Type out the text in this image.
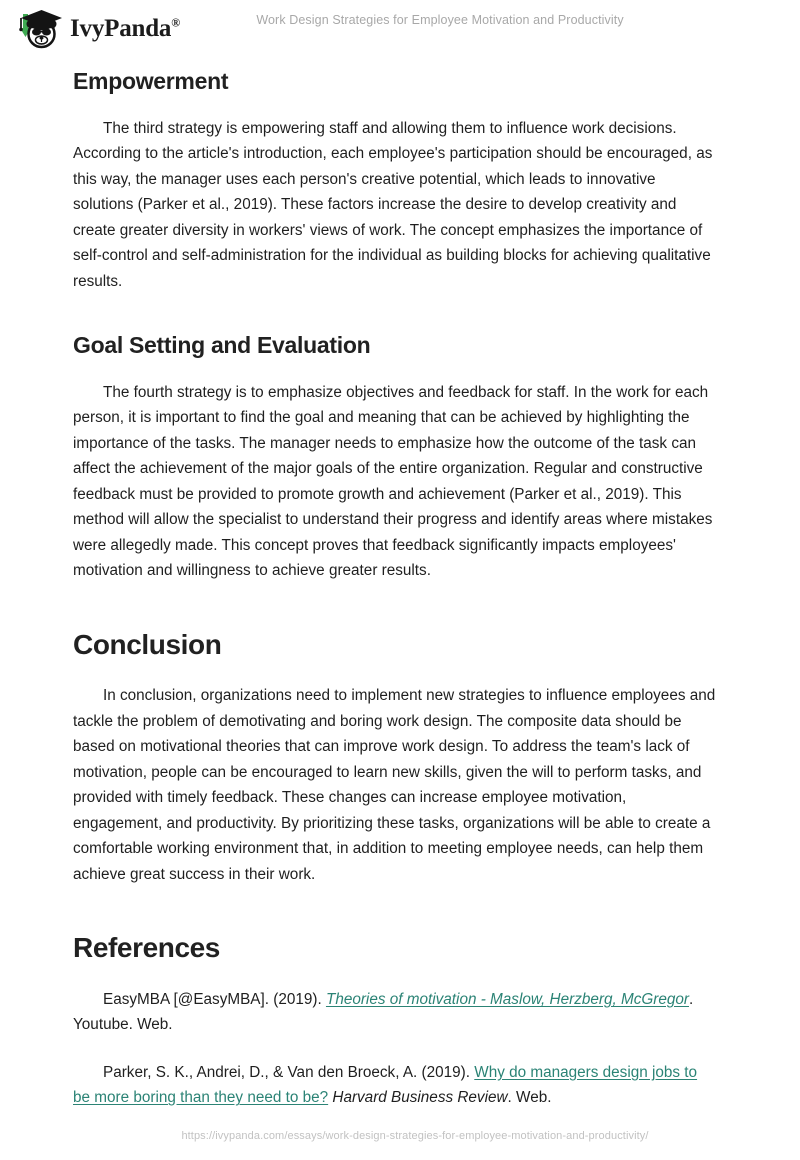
IvyPanda®	Work Design Strategies for Employee Motivation and Productivity
Empowerment

The third strategy is empowering staff and allowing them to influence work decisions. According to the article's introduction, each employee's participation should be encouraged, as this way, the manager uses each person's creative potential, which leads to innovative solutions (Parker et al., 2019). These factors increase the desire to develop creativity and create greater diversity in workers' views of work. The concept emphasizes the importance of self-control and self-administration for the individual as building blocks for achieving qualitative results.

Goal Setting and Evaluation

The fourth strategy is to emphasize objectives and feedback for staff. In the work for each person, it is important to find the goal and meaning that can be achieved by highlighting the importance of the tasks. The manager needs to emphasize how the outcome of the task can affect the achievement of the major goals of the entire organization. Regular and constructive feedback must be provided to promote growth and achievement (Parker et al., 2019). This method will allow the specialist to understand their progress and identify areas where mistakes were allegedly made. This concept proves that feedback significantly impacts employees' motivation and willingness to achieve greater results.

Conclusion

In conclusion, organizations need to implement new strategies to influence employees and tackle the problem of demotivating and boring work design. The composite data should be based on motivational theories that can improve work design. To address the team's lack of motivation, people can be encouraged to learn new skills, given the will to perform tasks, and provided with timely feedback. These changes can increase employee motivation, engagement, and productivity. By prioritizing these tasks, organizations will be able to create a comfortable working environment that, in addition to meeting employee needs, can help them achieve great success in their work.

References

EasyMBA [@EasyMBA]. (2019). Theories of motivation - Maslow, Herzberg, McGregor. Youtube. Web.

Parker, S. K., Andrei, D., & Van den Broeck, A. (2019). Why do managers design jobs to be more boring than they need to be? Harvard Business Review. Web.

https://ivypanda.com/essays/work-design-strategies-for-employee-motivation-and-productivity/
